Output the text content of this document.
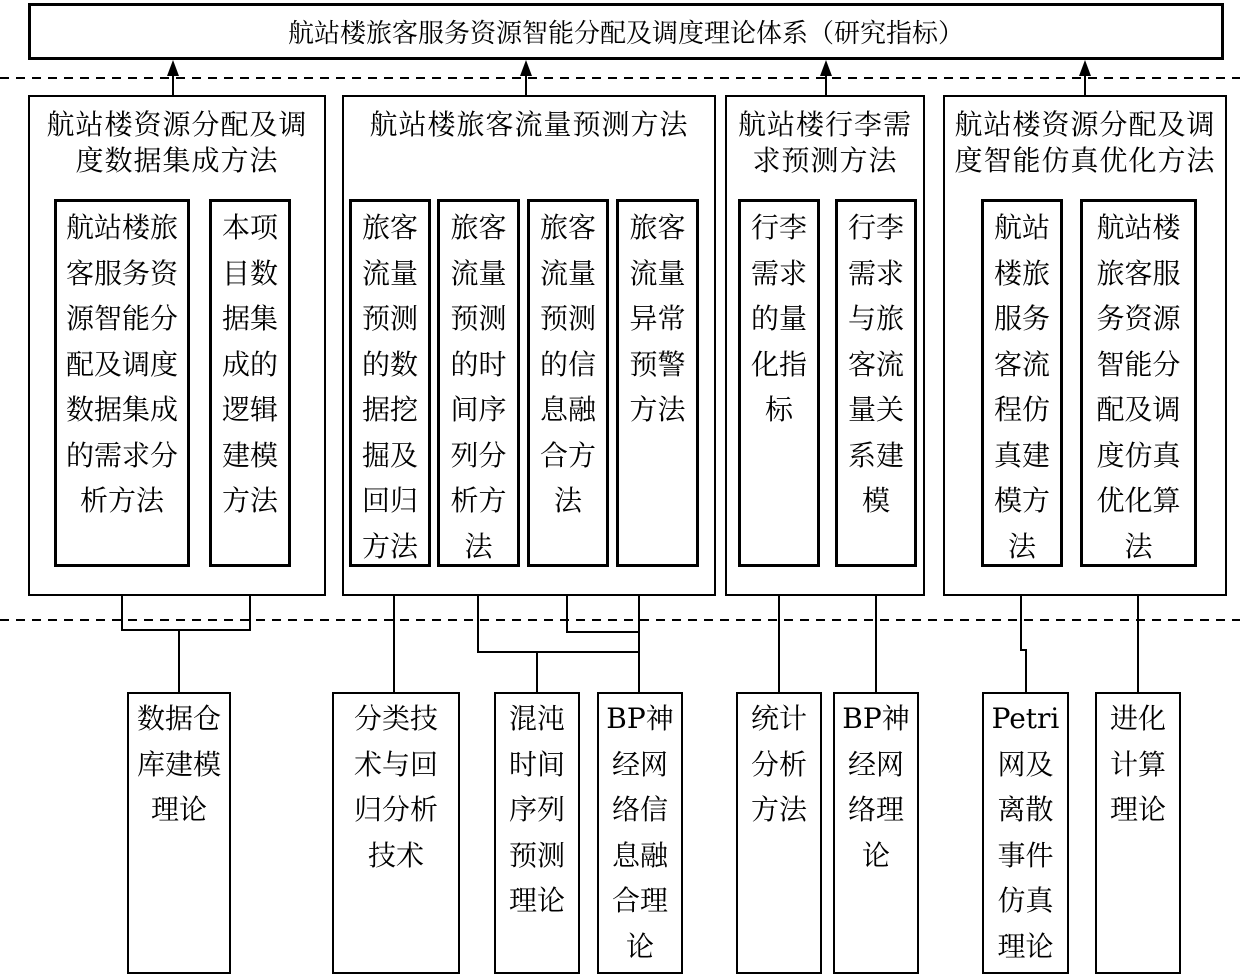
航站楼旅客服务资源智能分配及调度理论体系（研究指标）
航站楼资源分配及调
度数据集成方法
航站楼旅客流量预测方法 航站楼行李需
求预测方法
航站楼资源分配及调
度智能仿真优化方法
航站楼旅
客服务资
源智能分
配及调度
数据集成
的需求分
析方法
本项
目数
据集
成的
逻辑
建模
方法
旅客
流量
预测
的数
据挖
掘及
回归
方法
旅客
流量
预测
的时
间序
列分
析方
法
旅客
流量
预测
的信
息融
合方
法
旅客
流量
异常
预警
方法
行李
需求
的量
化指
标
行李
需求
与旅
客流
量关
系建
模
航站
楼旅
服务
客流
程仿
真建
模方
法
航站楼
旅客服
务资源
智能分
配及调
度仿真
优化算
法
数据仓
库建模
理论
分类技
术与回
归分析
技术
混沌
时间
序列
预测
理论
BP神
经网
络信
息融
合理
论
统计
分析
方法
BP神
经网
络理
论
Petri
网及
离散
事件
仿真
理论
进化
计算
理论
